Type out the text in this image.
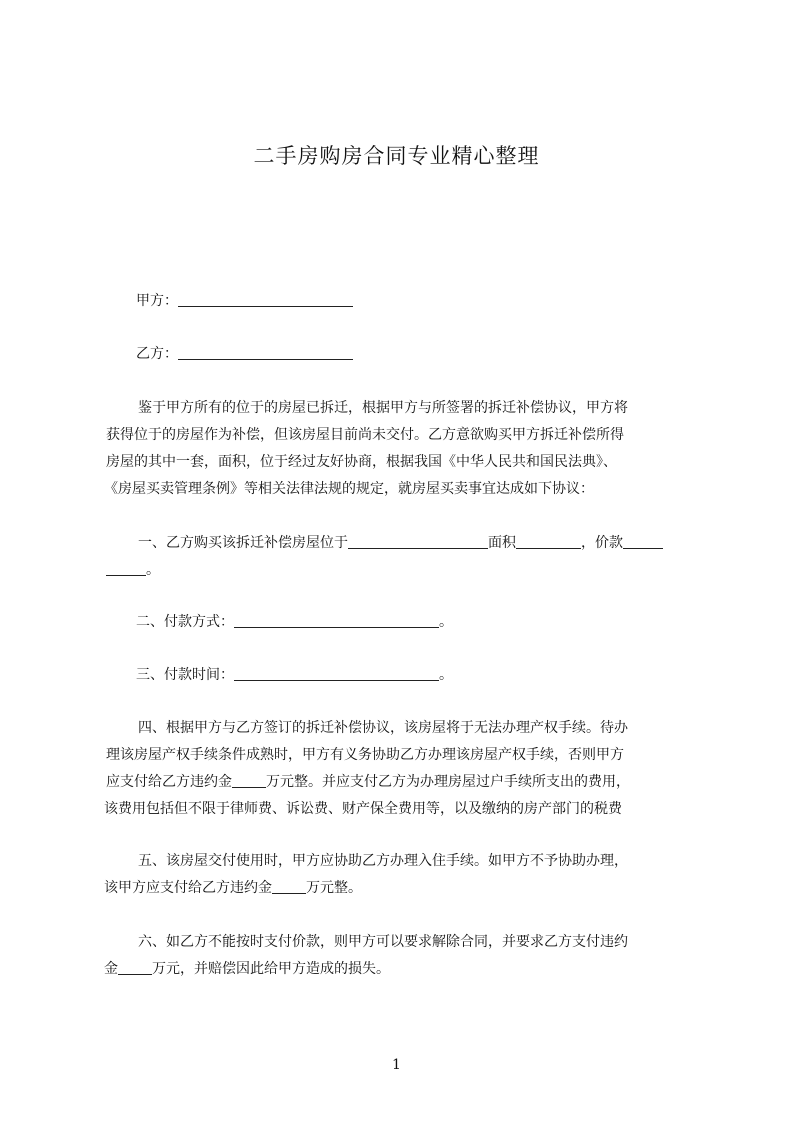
二手房购房合同专业精心整理
甲方：
乙方：
鉴于甲方所有的位于的房屋已拆迁，根据甲方与所签署的拆迁补偿协议，甲方将
获得位于的房屋作为补偿，但该房屋目前尚未交付。乙方意欲购买甲方拆迁补偿所得
房屋的其中一套，面积，位于经过友好协商，根据我国《中华人民共和国民法典》、
《房屋买卖管理条例》等相关法律法规的规定，就房屋买卖事宜达成如下协议：
一、乙方购买该拆迁补偿房屋位于	面积	，价款
。
二、付款方式：	。
三、付款时间：	。
四、根据甲方与乙方签订的拆迁补偿协议，该房屋将于无法办理产权手续。待办
理该房屋产权手续条件成熟时，甲方有义务协助乙方办理该房屋产权手续，否则甲方
应支付给乙方违约金 万元整。并应支付乙方为办理房屋过户手续所支出的费用，
该费用包括但不限于律师费、诉讼费、财产保全费用等，以及缴纳的房产部门的税费
五、该房屋交付使用时，甲方应协助乙方办理入住手续。如甲方不予协助办理，
该甲方应支付给乙方违约金 万元整。
六、如乙方不能按时支付价款，则甲方可以要求解除合同，并要求乙方支付违约
金 万元，并赔偿因此给甲方造成的损失。
1
